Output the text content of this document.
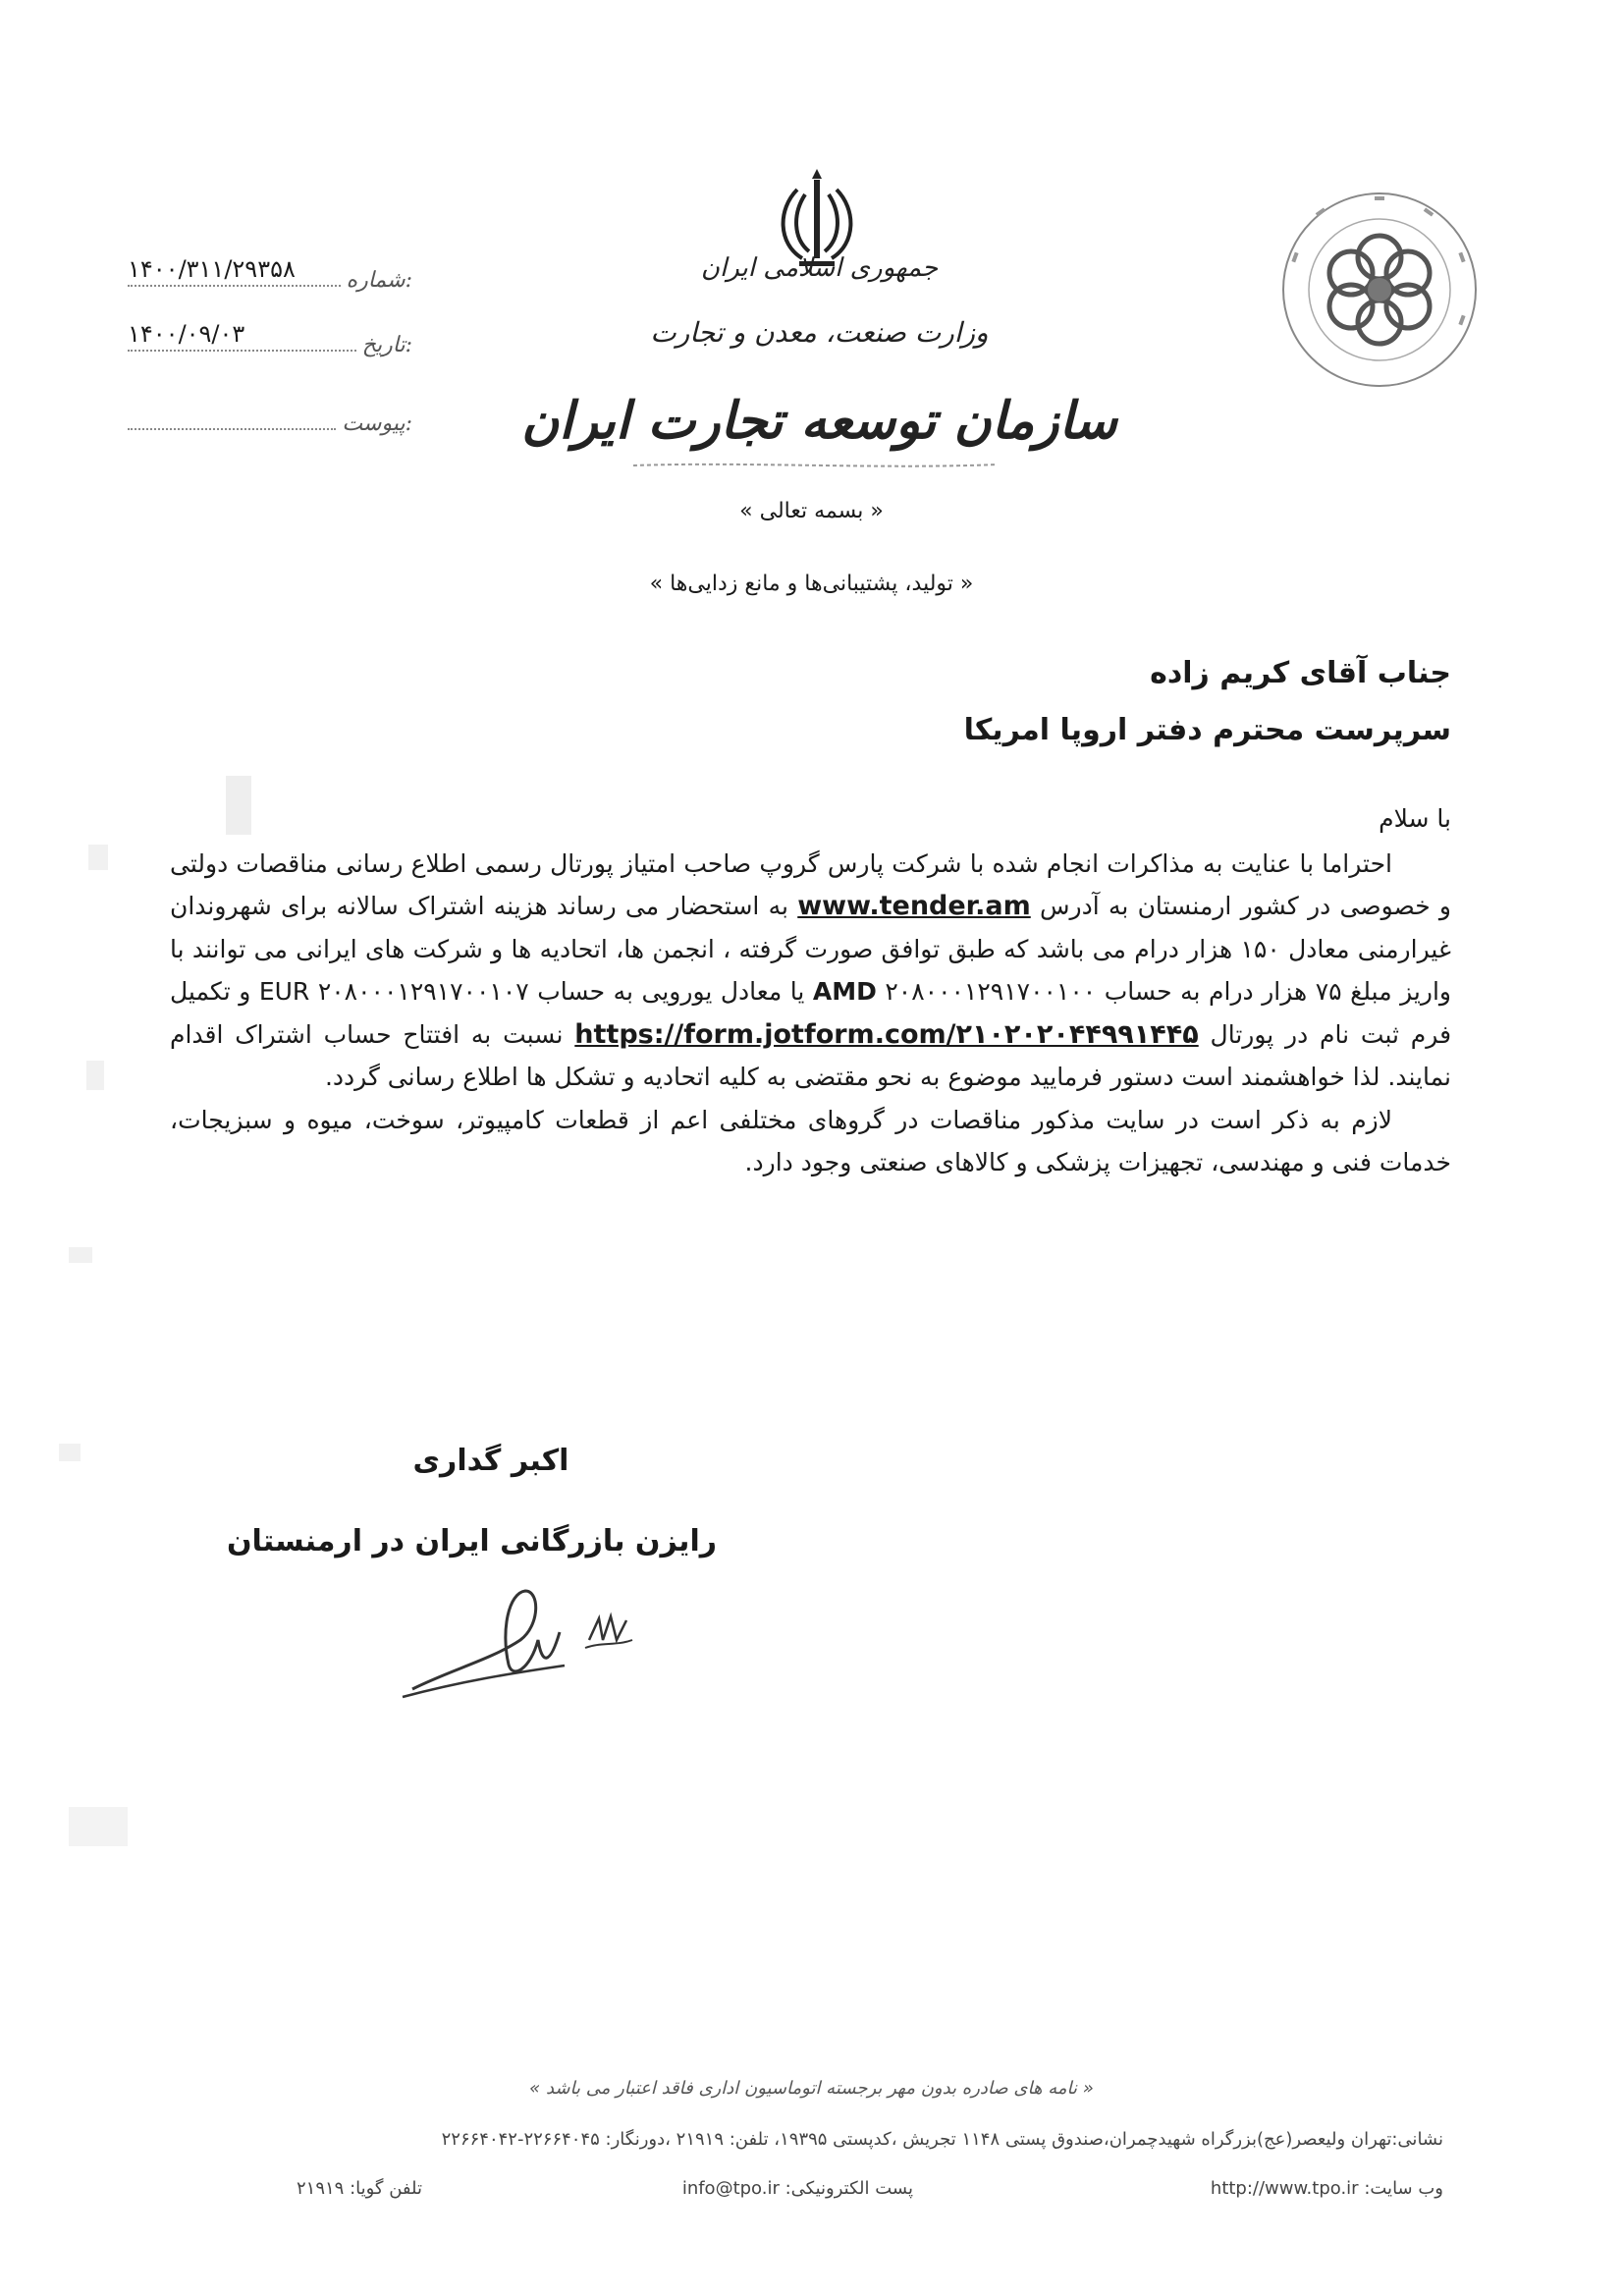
جمهوری اسلامی ایران
وزارت صنعت، معدن و تجارت
سازمان توسعه تجارت ایران
« بسمه تعالی »
« تولید، پشتیبانی‌ها و مانع زدایی‌ها »
شماره:
۱۴۰۰/۳۱۱/۲۹۳۵۸
تاریخ:
۱۴۰۰/۰۹/۰۳
پیوست:
جناب آقای کریم زاده
سرپرست محترم دفتر اروپا امریکا

با سلام

احتراما با عنایت به مذاکرات انجام شده با شرکت پارس گروپ صاحب امتیاز پورتال رسمی اطلاع رسانی مناقصات دولتی و خصوصی در کشور ارمنستان به آدرس www.tender.am به استحضار می رساند هزینه اشتراک سالانه برای شهروندان غیرارمنی معادل ۱۵۰ هزار درام می باشد که طبق توافق صورت گرفته ، انجمن ها، اتحادیه ها و شرکت های ایرانی می توانند با واریز مبلغ ۷۵ هزار درام به حساب ۲۰۸۰۰۰۱۲۹۱۷۰۰۱۰۰ AMD یا معادل یورویی به حساب ۲۰۸۰۰۰۱۲۹۱۷۰۰۱۰۷ EUR و تکمیل فرم ثبت نام در پورتال https://form.jotform.com/۲۱۰۲۰۲۰۴۴۹۹۱۴۴۵ نسبت به افتتاح حساب اشتراک اقدام نمایند. لذا خواهشمند است دستور فرمایید موضوع به نحو مقتضی به کلیه اتحادیه و تشکل ها اطلاع رسانی گردد.

لازم به ذکر است در سایت مذکور مناقصات در گروهای مختلفی اعم از قطعات کامپیوتر، سوخت، میوه و سبزیجات، خدمات فنی و مهندسی، تجهیزات پزشکی و کالاهای صنعتی وجود دارد.

اکبر گداری
رایزن بازرگانی ایران در ارمنستان
« نامه های صادره بدون مهر برجسته اتوماسیون اداری فاقد اعتبار می باشد »
نشانی:تهران ولیعصر(عج)بزرگراه شهیدچمران،صندوق پستی ۱۱۴۸ تجریش ،کدپستی ۱۹۳۹۵، تلفن: ۲۱۹۱۹ ،دورنگار: ۲۲۶۶۴۰۴۵-۲۲۶۶۴۰۴۲
وب سایت: http://www.tpo.ir
پست الکترونیکی: info@tpo.ir
تلفن گویا: ۲۱۹۱۹
